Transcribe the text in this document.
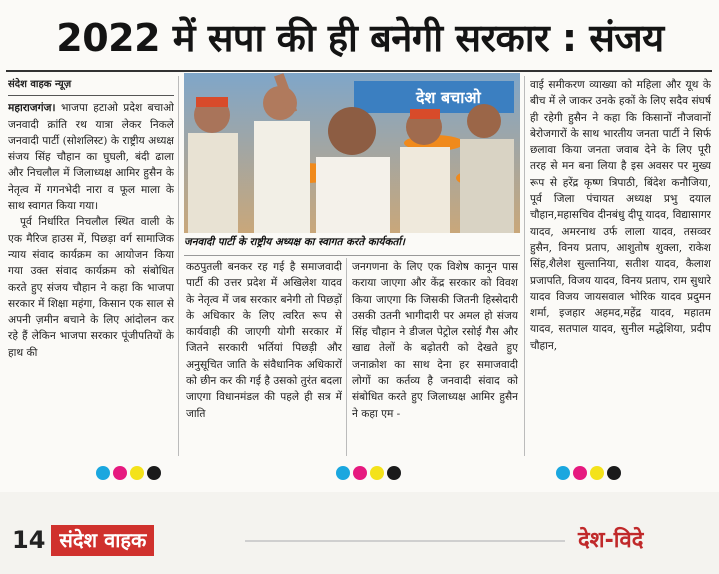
2022 में सपा की ही बनेगी सरकार : संजय
संदेश वाहक न्यूज़

महाराजगंज। भाजपा हटाओ प्रदेश बचाओ जनवादी क्रांति रथ यात्रा लेकर निकले जनवादी पार्टी (सोशलिस्ट) के राष्ट्रीय अध्यक्ष संजय सिंह चौहान का घुघली, बंदी ढाला और निचलौल में जिलाध्यक्ष आमिर हुसैन के नेतृत्व में गगनभेदी नारा व फूल माला के साथ स्वागत किया गया।

पूर्व निर्धारित निचलौल स्थित वाली के एक मैरिज हाउस में, पिछड़ा वर्ग सामाजिक न्याय संवाद कार्यक्रम का आयोजन किया गया उक्त संवाद कार्यक्रम को संबोधित करते हुए संजय चौहान ने कहा कि भाजपा सरकार में शिक्षा महंगा, किसान एक साल से अपनी ज़मीन बचाने के लिए आंदोलन कर रहे हैं लेकिन भाजपा सरकार पूंजीपतियों के हाथ की

देश बचाओ
जनवादी पार्टी के राष्ट्रीय अध्यक्ष का स्वागत करते कार्यकर्ता।

कठपुतली बनकर रह गई है समाजवादी पार्टी की उत्तर प्रदेश में अखिलेश यादव के नेतृत्व में जब सरकार बनेगी तो पिछड़ों के अधिकार के लिए त्वरित रूप से कार्यवाही की जाएगी योगी सरकार में जितने सरकारी भर्तियां पिछड़ी और अनुसूचित जाति के संवैधानिक अधिकारों को छीन कर की गई है उसको तुरंत बदला जाएगा विधानमंडल की पहले ही सत्र में जाति

जनगणना के लिए एक विशेष कानून पास कराया जाएगा और केंद्र सरकार को विवश किया जाएगा कि जिसकी जितनी हिस्सेदारी उसकी उतनी भागीदारी पर अमल हो संजय सिंह चौहान ने डीजल पेट्रोल रसोई गैस और खाद्य तेलों के बढ़ोतरी को देखते हुए जनाक्रोश का साथ देना हर समाजवादी लोगों का कर्तव्य है जनवादी संवाद को संबोधित करते हुए जिलाध्यक्ष आमिर हुसैन ने कहा एम -

वाई समीकरण व्याख्या को महिला और यूथ के बीच में ले जाकर उनके हकों के लिए सदैव संघर्ष ही रहेगी हुसैन ने कहा कि किसानों नौजवानों बेरोजगारों के साथ भारतीय जनता पार्टी ने सिर्फ छलावा किया जनता जवाब देने के लिए पूरी तरह से मन बना लिया है इस अवसर पर मुख्य रूप से हरेंद्र कृष्ण त्रिपाठी, बिंदेश कनौजिया, पूर्व जिला पंचायत अध्यक्ष प्रभु दयाल चौहान,महासचिव दीनबंधु दीपू यादव, विद्यासागर यादव, अमरनाथ उर्फ लाला यादव, तसव्वर हुसैन, विनय प्रताप, आशुतोष शुक्ला, राकेश सिंह,शैलेश सुल्तानिया, सतीश यादव, कैलाश प्रजापति, विजय यादव, विनय प्रताप, राम सुधारे यादव विजय जायसवाल भोरिक यादव प्रदुमन शर्मा, इजहार अहमद,महेंद्र यादव, महातम यादव, सतपाल यादव, सुनील मद्धेशिया, प्रदीप चौहान,

14 संदेश वाहक	देश-विदे
